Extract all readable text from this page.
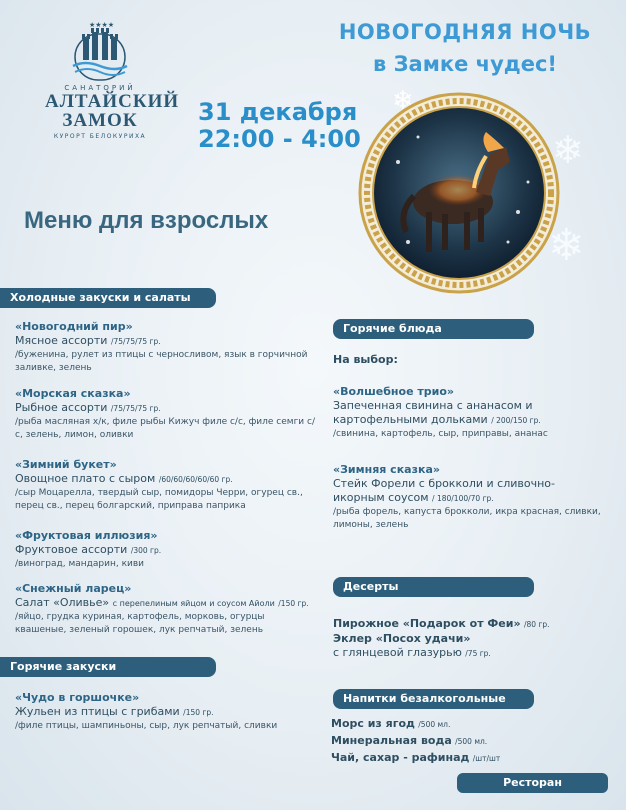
★★★★
САНАТОРИЙ
АЛТАЙСКИЙ
ЗАМОК
КУРОРТ БЕЛОКУРИХА
НОВОГОДНЯЯ НОЧЬ
в Замке чудес!
31 декабря
22:00 - 4:00
❄
❄
❄
Меню для взрослых
Холодные закуски и салаты
«Новогодний пир»
Мясное ассорти /75/75/75 гр.
/буженина, рулет из птицы с черносливом, язык в горчичной заливке, зелень
«Морская сказка»
Рыбное ассорти /75/75/75 гр.
/рыба масляная х/к, филе рыбы Кижуч филе с/с, филе семги с/с, зелень, лимон, оливки
«Зимний букет»
Овощное плато с сыром /60/60/60/60/60 гр.
/сыр Моцарелла, твердый сыр, помидоры Черри, огурец св., перец св., перец болгарский, приправа паприка
«Фруктовая иллюзия»
Фруктовое ассорти /300 гр.
/виноград, мандарин, киви
«Снежный ларец»
Салат «Оливье» с перепелиным яйцом и соусом Айоли /150 гр.
/яйцо, грудка куриная, картофель, морковь, огурцы квашеные, зеленый горошек, лук репчатый, зелень
Горячие закуски
«Чудо в горшочке»
Жульен из птицы с грибами /150 гр.
/филе птицы, шампиньоны, сыр, лук репчатый, сливки
Горячие блюда
На выбор:
«Волшебное трио»
Запеченная свинина с ананасом и картофельными дольками / 200/150 гр.
/свинина, картофель, сыр, приправы, ананас
«Зимняя сказка»
Стейк Форели с брокколи и сливочно-икорным соусом / 180/100/70 гр.
/рыба форель, капуста брокколи, икра красная, сливки, лимоны, зелень
Десерты
Пирожное «Подарок от Феи» /80 гр.
Эклер «Посох удачи»
с глянцевой глазурью /75 гр.
Напитки безалкогольные
Морс из ягод /500 мл.
Минеральная вода /500 мл.
Чай, сахар - рафинад /шт/шт
Ресторан
